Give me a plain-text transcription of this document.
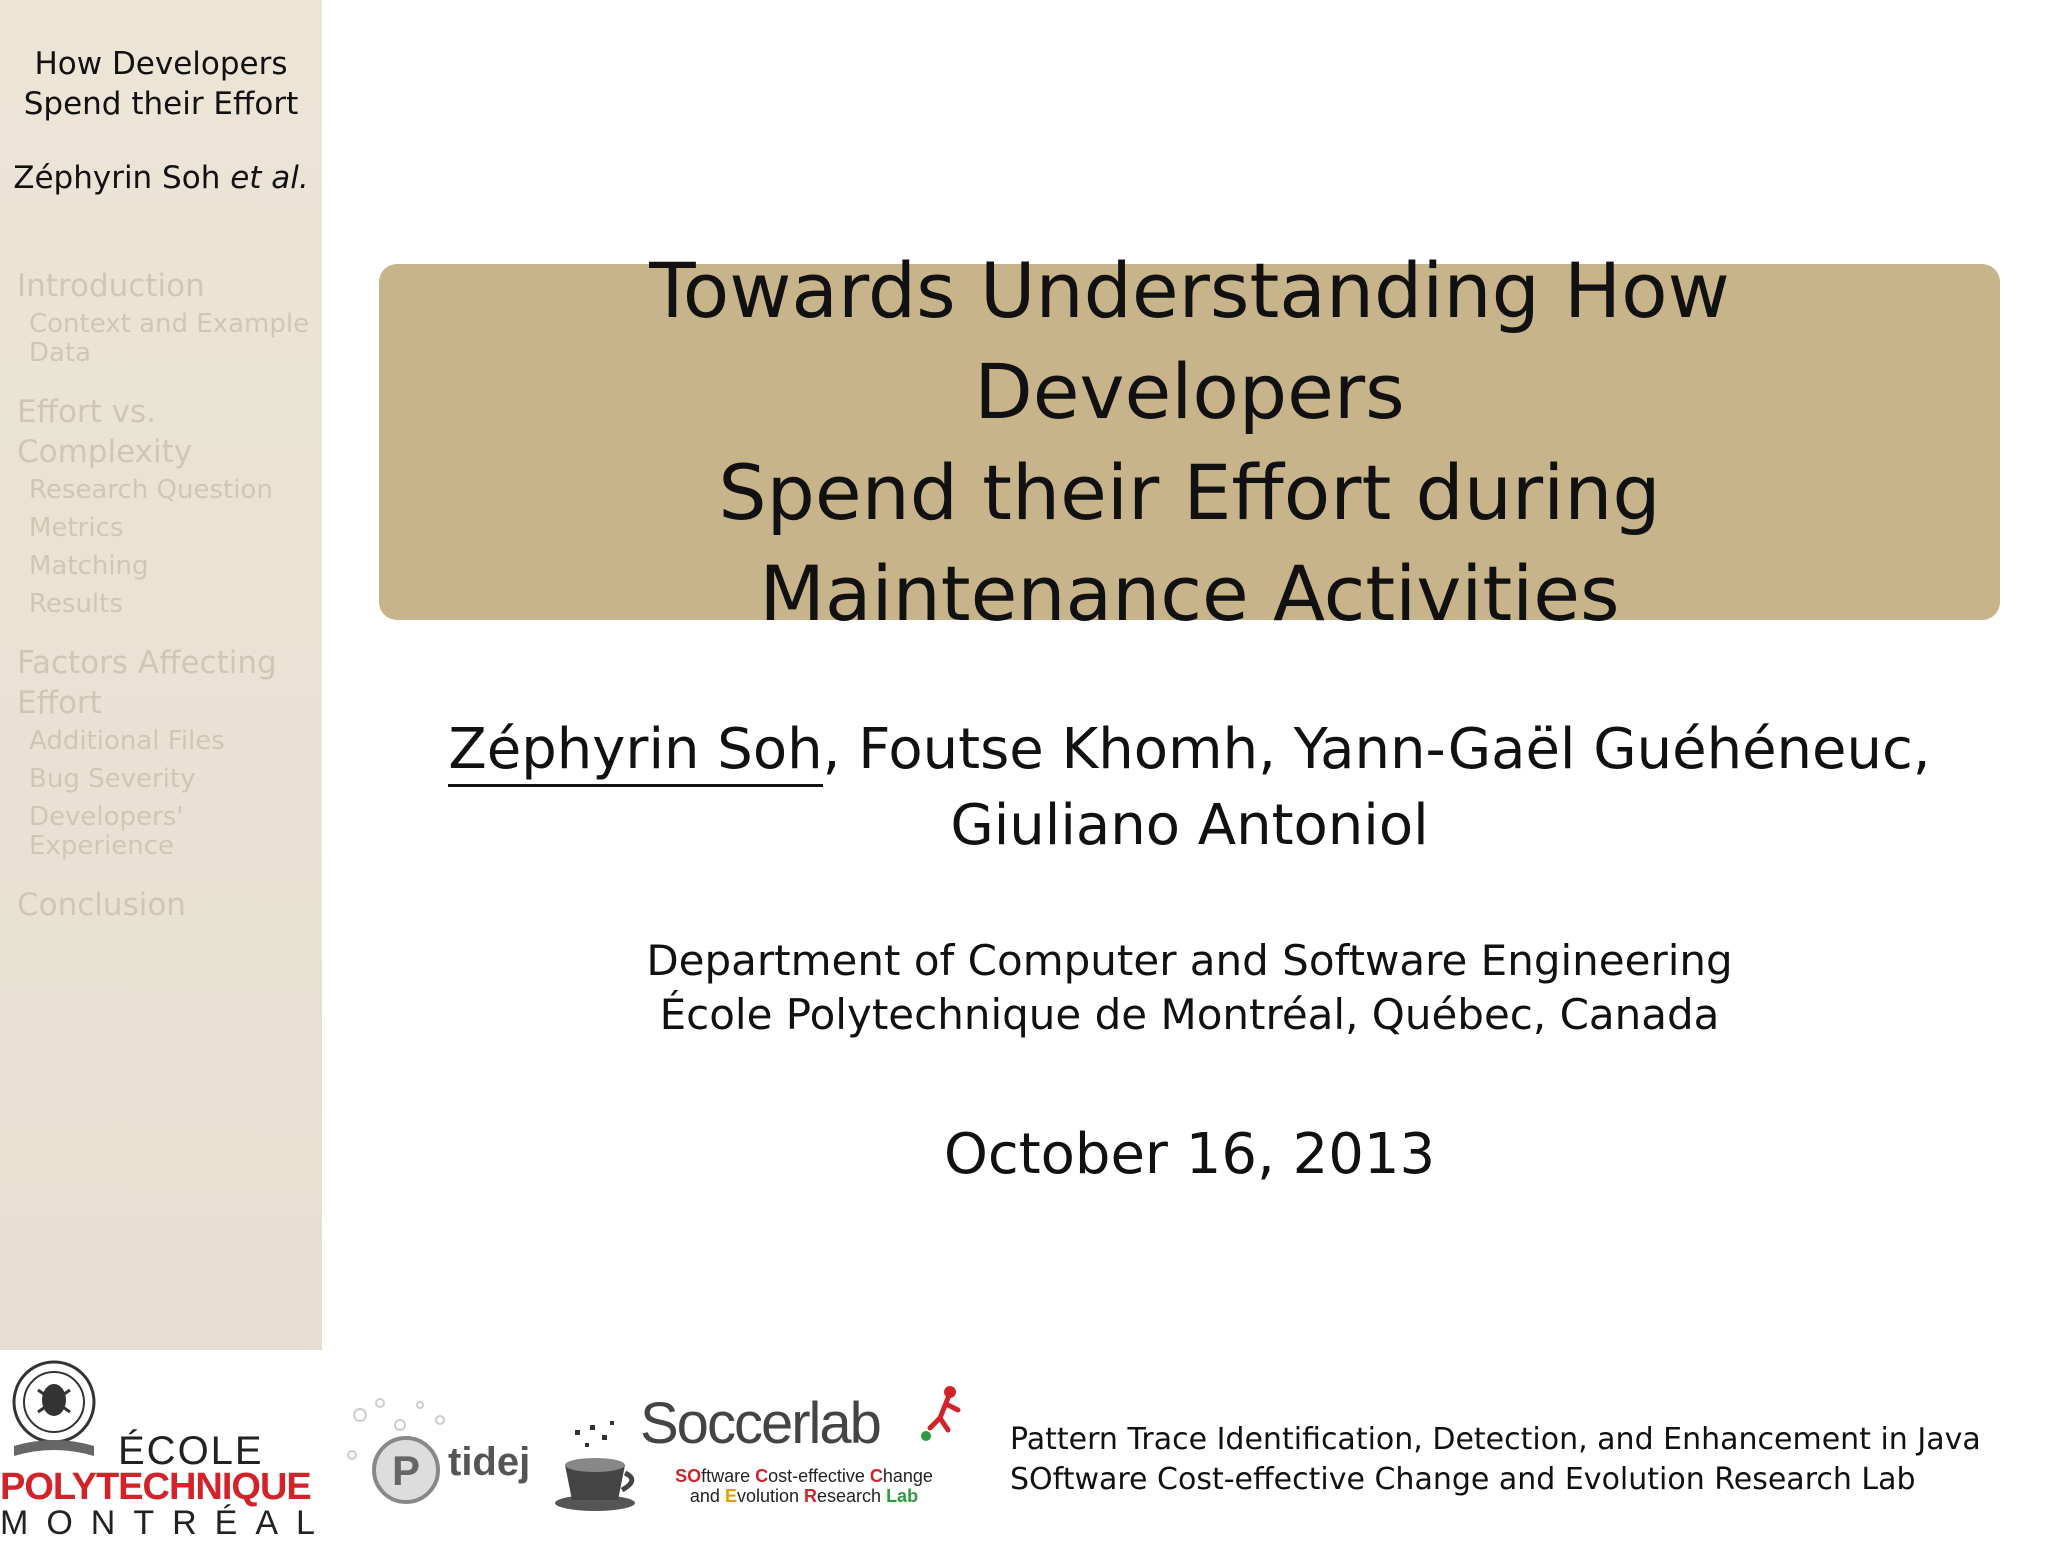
How Developers
Spend their Effort
Zéphyrin Soh et al.
Introduction
Context and Example
Data
Effort vs.
Complexity
Research Question
Metrics
Matching
Results
Factors Affecting
Effort
Additional Files
Bug Severity
Developers'
Experience
Conclusion
Towards Understanding How Developers
Spend their Effort during
Maintenance Activities
Zéphyrin Soh, Foutse Khomh, Yann-Gaël Guéhéneuc,
Giuliano Antoniol
Department of Computer and Software Engineering
École Polytechnique de Montréal, Québec, Canada
October 16, 2013
ÉCOLE
POLYTECHNIQUE
MONTRÉAL
P tidej
Soccerlab
SOftware Cost-effective Change
and Evolution Research Lab
Pattern Trace Identification, Detection, and Enhancement in Java
SOftware Cost-effective Change and Evolution Research Lab
